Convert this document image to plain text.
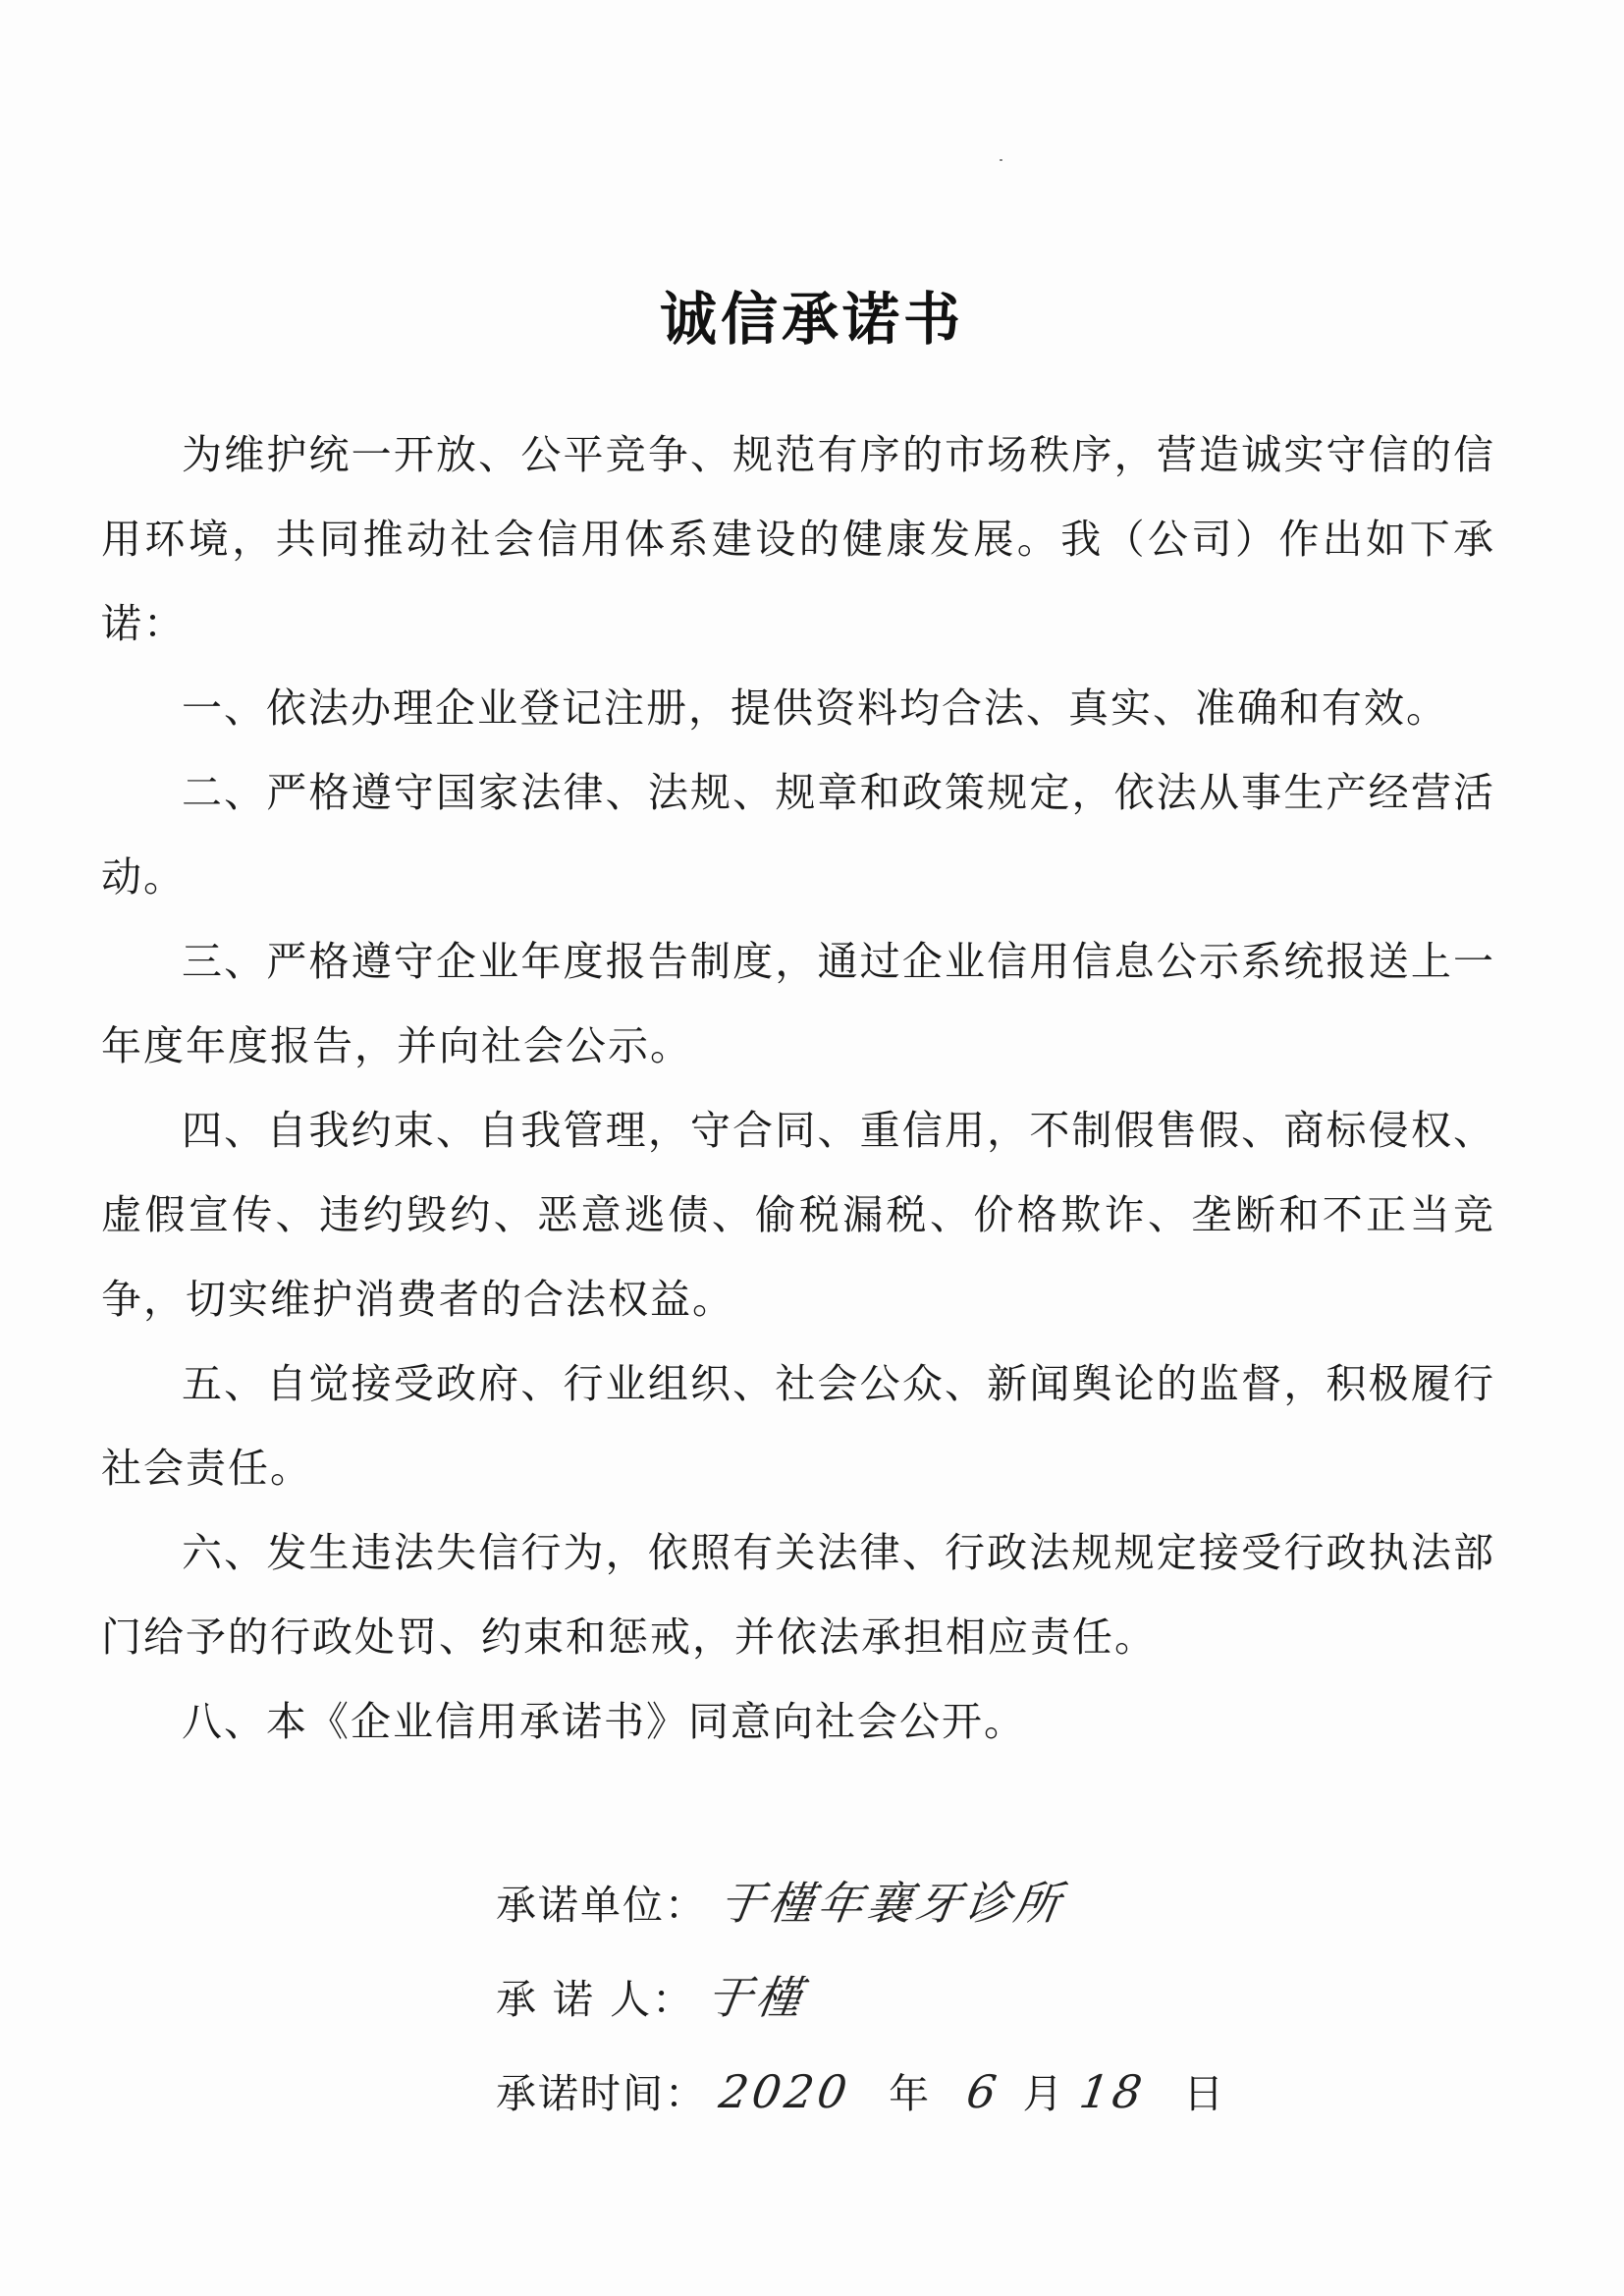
诚信承诺书

为维护统一开放、公平竞争、规范有序的市场秩序，营造诚实守信的信用环境，共同推动社会信用体系建设的健康发展。我（公司）作出如下承诺：

一、依法办理企业登记注册，提供资料均合法、真实、准确和有效。

二、严格遵守国家法律、法规、规章和政策规定，依法从事生产经营活动。

三、严格遵守企业年度报告制度，通过企业信用信息公示系统报送上一年度年度报告，并向社会公示。

四、自我约束、自我管理，守合同、重信用，不制假售假、商标侵权、虚假宣传、违约毁约、恶意逃债、偷税漏税、价格欺诈、垄断和不正当竞争，切实维护消费者的合法权益。

五、自觉接受政府、行业组织、社会公众、新闻舆论的监督，积极履行社会责任。

六、发生违法失信行为，依照有关法律、行政法规规定接受行政执法部门给予的行政处罚、约束和惩戒，并依法承担相应责任。

八、本《企业信用承诺书》同意向社会公开。

承诺单位： 于槿年襄牙诊所
承 诺 人： 于槿
承诺时间： 2020 年 6 月 18 日
